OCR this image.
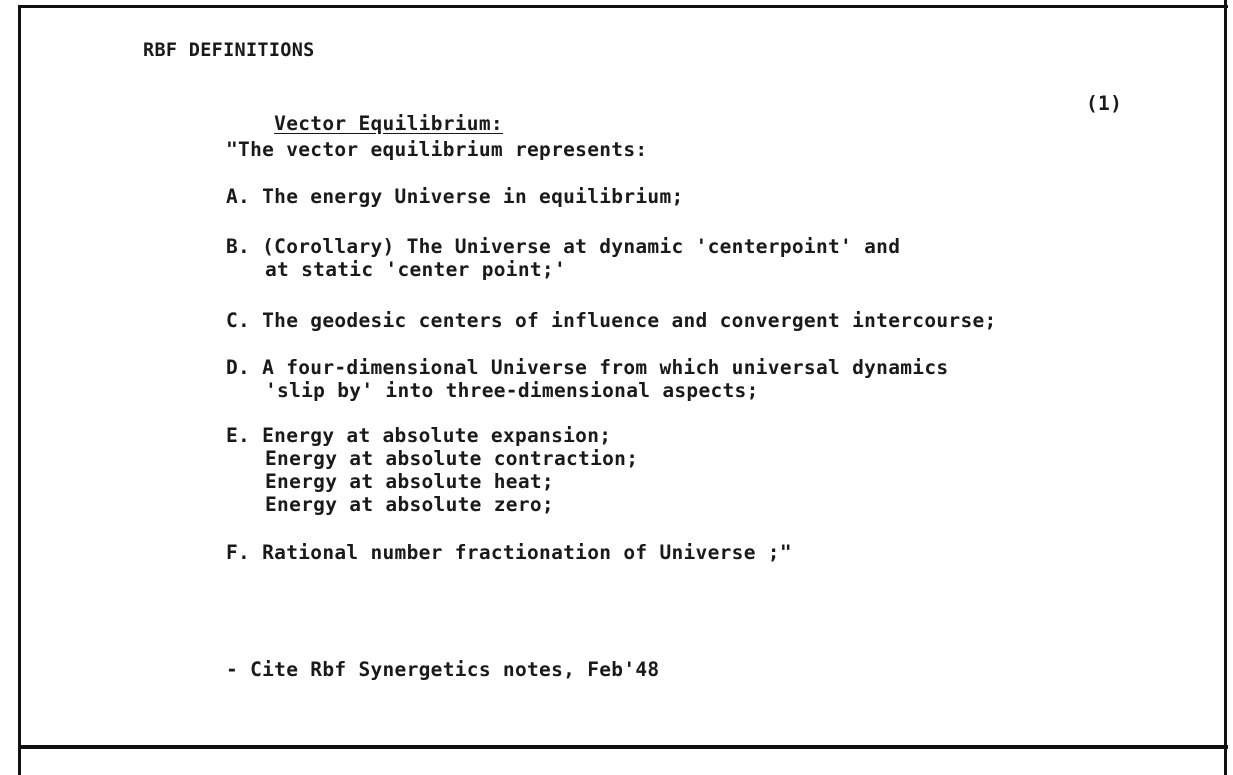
RBF DEFINITIONS

Vector Equilibrium:

(1)
"The vector equilibrium represents:
A. The energy Universe in equilibrium;
B. (Corollary) The Universe at dynamic 'centerpoint' and
at static 'center point;'
C. The geodesic centers of influence and convergent intercourse;
D. A four-dimensional Universe from which universal dynamics
'slip by' into three-dimensional aspects;
E. Energy at absolute expansion;
Energy at absolute contraction;
Energy at absolute heat;
Energy at absolute zero;
F. Rational number fractionation of Universe ;"
- Cite Rbf Synergetics notes, Feb'48
